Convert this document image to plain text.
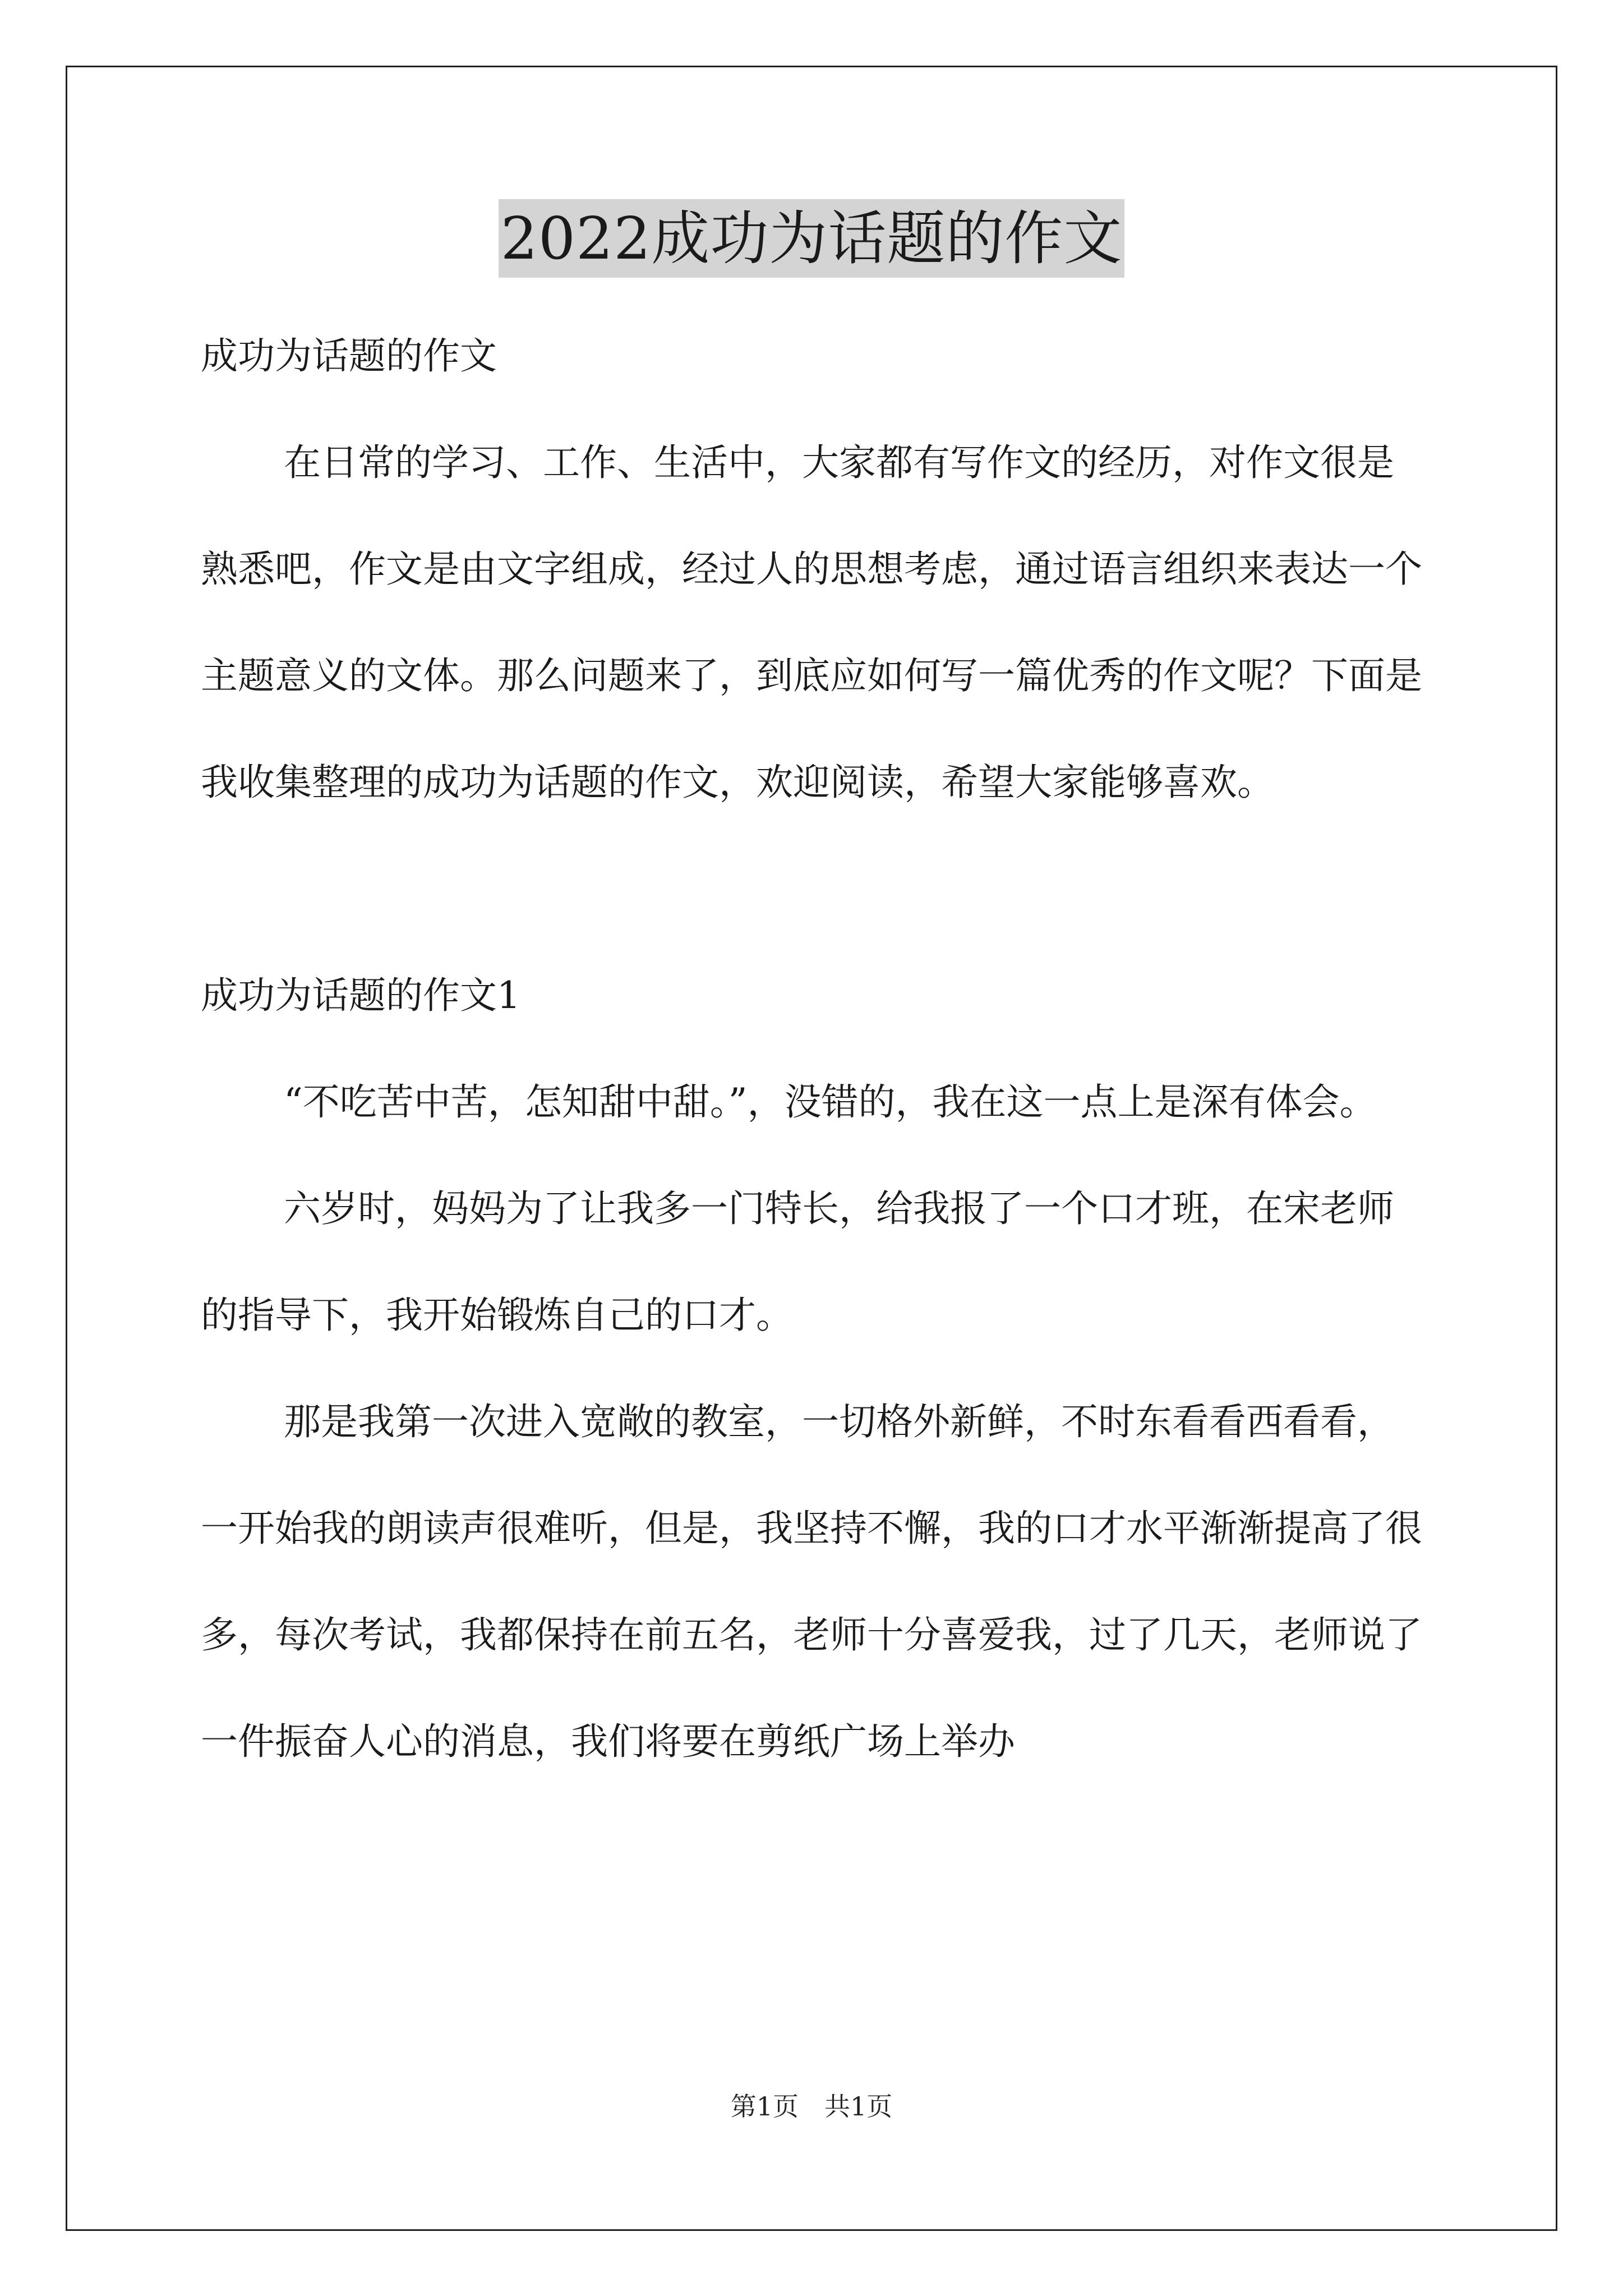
2022成功为话题的作文

成功为话题的作文

在日常的学习、工作、生活中，大家都有写作文的经历，对作文很是熟悉吧，作文是由文字组成，经过人的思想考虑，通过语言组织来表达一个主题意义的文体。那么问题来了，到底应如何写一篇优秀的作文呢？下面是我收集整理的成功为话题的作文，欢迎阅读，希望大家能够喜欢。

成功为话题的作文1

“不吃苦中苦，怎知甜中甜。”，没错的，我在这一点上是深有体会。

六岁时，妈妈为了让我多一门特长，给我报了一个口才班，在宋老师的指导下，我开始锻炼自己的口才。

那是我第一次进入宽敞的教室，一切格外新鲜，不时东看看西看看，一开始我的朗读声很难听，但是，我坚持不懈，我的口才水平渐渐提高了很多，每次考试，我都保持在前五名，老师十分喜爱我，过了几天，老师说了一件振奋人心的消息，我们将要在剪纸广场上举办

第1页 共1页
